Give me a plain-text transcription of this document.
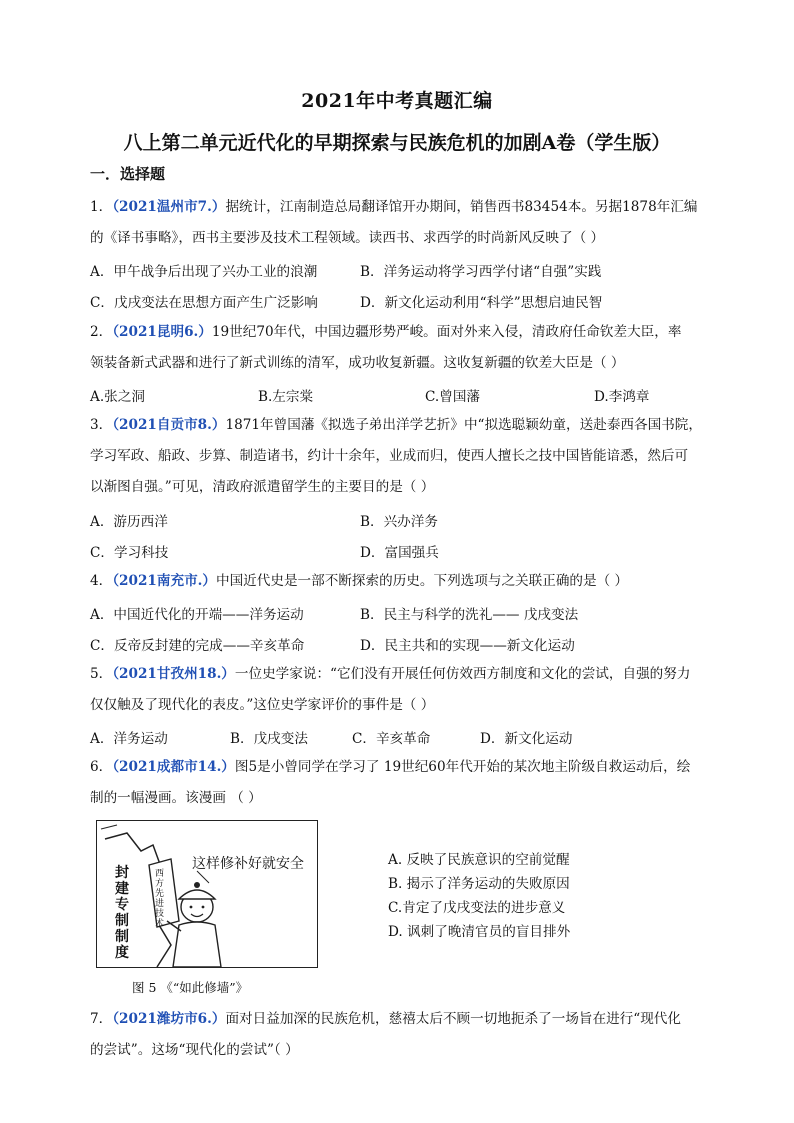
2021年中考真题汇编
八上第二单元近代化的早期探索与民族危机的加剧A卷（学生版）
一．选择题
1．（2021温州市7.）据统计，江南制造总局翻译馆开办期间，销售西书83454本。另据1878年汇编
的《译书事略》，西书主要涉及技术工程领域。读西书、求西学的时尚新风反映了（ ）
A．甲午战争后出现了兴办工业的浪潮	B．洋务运动将学习西学付诸“自强”实践
C．戊戌变法在思想方面产生广泛影响	D．新文化运动利用“科学”思想启迪民智
2．（2021昆明6.）19世纪70年代，中国边疆形势严峻。面对外来入侵，清政府任命钦差大臣，率
领装备新式武器和进行了新式训练的清军，成功收复新疆。这收复新疆的钦差大臣是（ ）
A.张之洞	B.左宗棠	C.曾国藩	D.李鸿章
3．（2021自贡市8.）1871年曾国藩《拟选子弟出洋学艺折》中“拟选聪颖幼童，送赴泰西各国书院，
学习军政、船政、步算、制造诸书，约计十余年，业成而归，使西人擅长之技中国皆能谙悉，然后可
以渐图自强。”可见，清政府派遣留学生的主要目的是（ ）
A．游历西洋	B．兴办洋务
C．学习科技	D．富国强兵
4．（2021南充市.）中国近代史是一部不断探索的历史。下列选项与之关联正确的是（ ）
A．中国近代化的开端——洋务运动	B．民主与科学的洗礼—— 戊戌变法
C．反帝反封建的完成——辛亥革命	D．民主共和的实现——新文化运动
5．（2021甘孜州18.）一位史学家说：“它们没有开展任何仿效西方制度和文化的尝试，自强的努力
仅仅触及了现代化的表皮。”这位史学家评价的事件是（ ）
A．洋务运动	B．戊戌变法	C．辛亥革命	D．新文化运动
6．（2021成都市14.）图5是小曾同学在学习了 19世纪60年代开始的某次地主阶级自救运动后，绘
制的一幅漫画。该漫画 （ ）
这样修补好就安全
封建专制制度
西方先进技术
图 5 《“如此修墙”》
A. 反映了民族意识的空前觉醒
B. 揭示了洋务运动的失败原因
C.肯定了戊戌变法的进步意义
D. 讽刺了晚清官员的盲目排外
7．（2021潍坊市6.）面对日益加深的民族危机，慈禧太后不顾一切地扼杀了一场旨在进行“现代化
的尝试”。这场“现代化的尝试”（ ）
